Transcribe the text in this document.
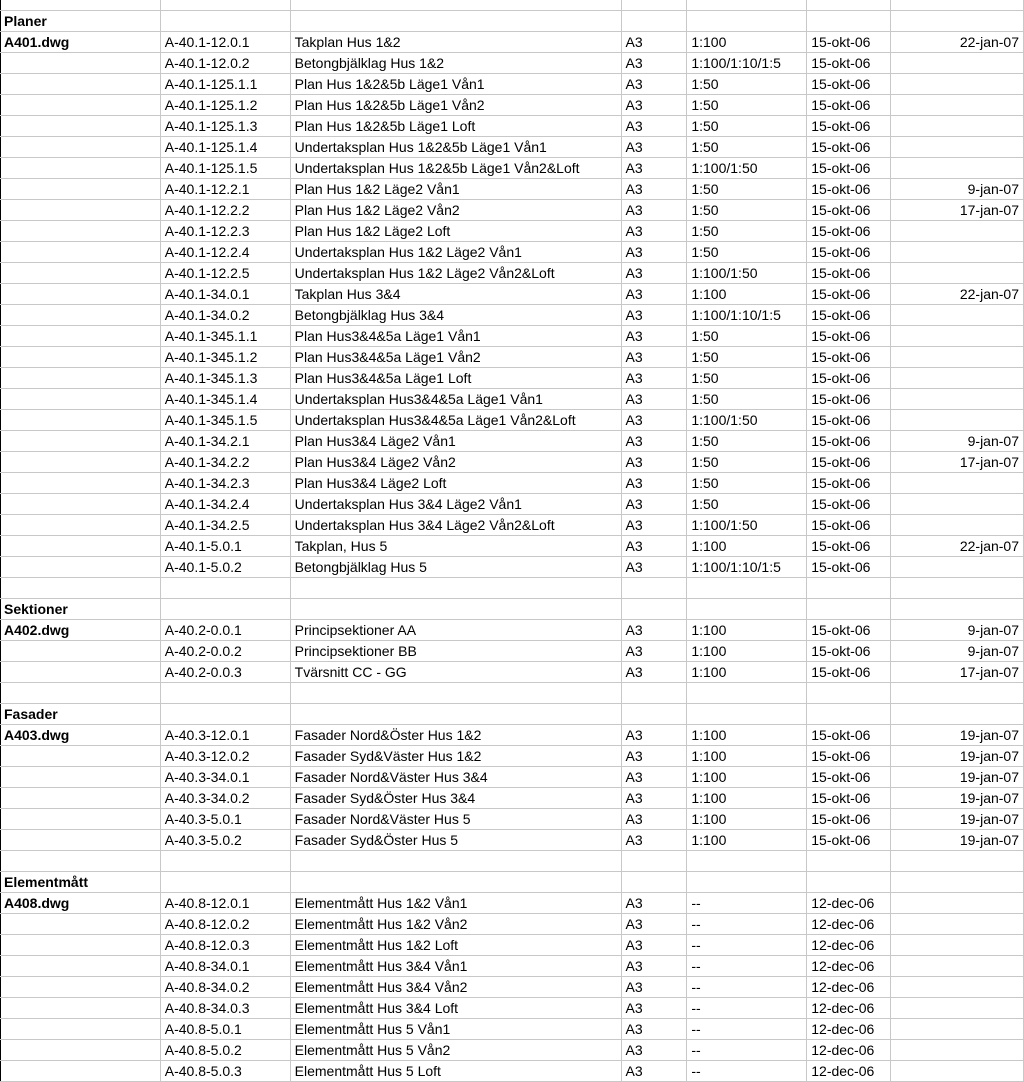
Planer						
A401.dwg	A-40.1-12.0.1	Takplan Hus 1&2	A3	1:100	15-okt-06	22-jan-07
	A-40.1-12.0.2	Betongbjälklag Hus 1&2	A3	1:100/1:10/1:5	15-okt-06	
	A-40.1-125.1.1	Plan Hus 1&2&5b Läge1 Vån1	A3	1:50	15-okt-06	
	A-40.1-125.1.2	Plan Hus 1&2&5b Läge1 Vån2	A3	1:50	15-okt-06	
	A-40.1-125.1.3	Plan Hus 1&2&5b Läge1 Loft	A3	1:50	15-okt-06	
	A-40.1-125.1.4	Undertaksplan Hus 1&2&5b Läge1 Vån1	A3	1:50	15-okt-06	
	A-40.1-125.1.5	Undertaksplan Hus 1&2&5b Läge1 Vån2&Loft	A3	1:100/1:50	15-okt-06	
	A-40.1-12.2.1	Plan Hus 1&2 Läge2 Vån1	A3	1:50	15-okt-06	9-jan-07
	A-40.1-12.2.2	Plan Hus 1&2 Läge2 Vån2	A3	1:50	15-okt-06	17-jan-07
	A-40.1-12.2.3	Plan Hus 1&2 Läge2 Loft	A3	1:50	15-okt-06	
	A-40.1-12.2.4	Undertaksplan Hus 1&2 Läge2 Vån1	A3	1:50	15-okt-06	
	A-40.1-12.2.5	Undertaksplan Hus 1&2 Läge2 Vån2&Loft	A3	1:100/1:50	15-okt-06	
	A-40.1-34.0.1	Takplan Hus 3&4	A3	1:100	15-okt-06	22-jan-07
	A-40.1-34.0.2	Betongbjälklag Hus 3&4	A3	1:100/1:10/1:5	15-okt-06	
	A-40.1-345.1.1	Plan Hus3&4&5a Läge1 Vån1	A3	1:50	15-okt-06	
	A-40.1-345.1.2	Plan Hus3&4&5a Läge1 Vån2	A3	1:50	15-okt-06	
	A-40.1-345.1.3	Plan Hus3&4&5a Läge1 Loft	A3	1:50	15-okt-06	
	A-40.1-345.1.4	Undertaksplan Hus3&4&5a Läge1 Vån1	A3	1:50	15-okt-06	
	A-40.1-345.1.5	Undertaksplan Hus3&4&5a Läge1 Vån2&Loft	A3	1:100/1:50	15-okt-06	
	A-40.1-34.2.1	Plan Hus3&4 Läge2 Vån1	A3	1:50	15-okt-06	9-jan-07
	A-40.1-34.2.2	Plan Hus3&4 Läge2 Vån2	A3	1:50	15-okt-06	17-jan-07
	A-40.1-34.2.3	Plan Hus3&4 Läge2 Loft	A3	1:50	15-okt-06	
	A-40.1-34.2.4	Undertaksplan Hus 3&4 Läge2 Vån1	A3	1:50	15-okt-06	
	A-40.1-34.2.5	Undertaksplan Hus 3&4 Läge2 Vån2&Loft	A3	1:100/1:50	15-okt-06	
	A-40.1-5.0.1	Takplan, Hus 5	A3	1:100	15-okt-06	22-jan-07
	A-40.1-5.0.2	Betongbjälklag Hus 5	A3	1:100/1:10/1:5	15-okt-06	

Sektioner						
A402.dwg	A-40.2-0.0.1	Principsektioner AA	A3	1:100	15-okt-06	9-jan-07
	A-40.2-0.0.2	Principsektioner BB	A3	1:100	15-okt-06	9-jan-07
	A-40.2-0.0.3	Tvärsnitt CC - GG	A3	1:100	15-okt-06	17-jan-07

Fasader						
A403.dwg	A-40.3-12.0.1	Fasader Nord&Öster Hus 1&2	A3	1:100	15-okt-06	19-jan-07
	A-40.3-12.0.2	Fasader Syd&Väster Hus 1&2	A3	1:100	15-okt-06	19-jan-07
	A-40.3-34.0.1	Fasader Nord&Väster Hus 3&4	A3	1:100	15-okt-06	19-jan-07
	A-40.3-34.0.2	Fasader Syd&Öster Hus 3&4	A3	1:100	15-okt-06	19-jan-07
	A-40.3-5.0.1	Fasader Nord&Väster Hus 5	A3	1:100	15-okt-06	19-jan-07
	A-40.3-5.0.2	Fasader Syd&Öster Hus 5	A3	1:100	15-okt-06	19-jan-07

Elementmått						
A408.dwg	A-40.8-12.0.1	Elementmått Hus 1&2 Vån1	A3	--	12-dec-06	
	A-40.8-12.0.2	Elementmått Hus 1&2 Vån2	A3	--	12-dec-06	
	A-40.8-12.0.3	Elementmått Hus 1&2 Loft	A3	--	12-dec-06	
	A-40.8-34.0.1	Elementmått Hus 3&4 Vån1	A3	--	12-dec-06	
	A-40.8-34.0.2	Elementmått Hus 3&4 Vån2	A3	--	12-dec-06	
	A-40.8-34.0.3	Elementmått Hus 3&4 Loft	A3	--	12-dec-06	
	A-40.8-5.0.1	Elementmått Hus 5 Vån1	A3	--	12-dec-06	
	A-40.8-5.0.2	Elementmått Hus 5 Vån2	A3	--	12-dec-06	
	A-40.8-5.0.3	Elementmått Hus 5 Loft	A3	--	12-dec-06	
